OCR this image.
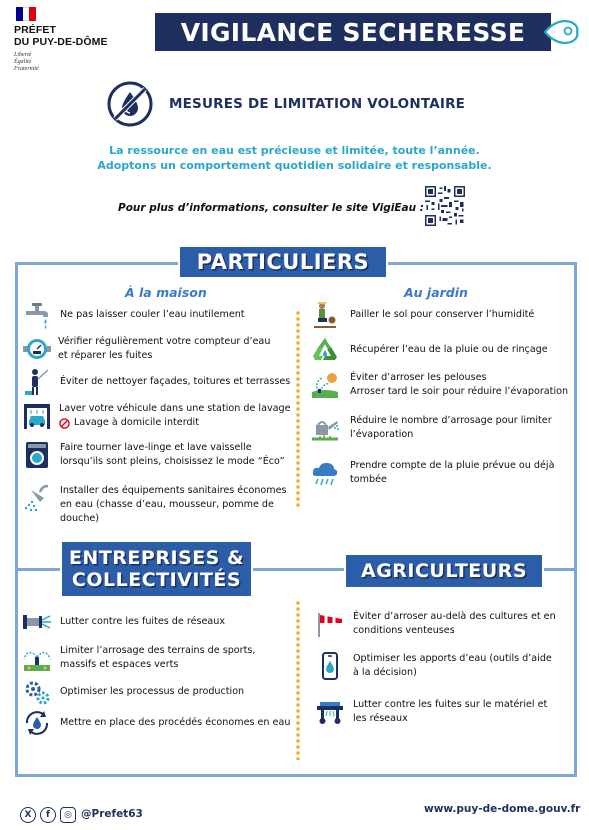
PRÉFET
DU PUY-DE-DÔME
Liberté
Égalité
Fraternité
VIGILANCE SECHERESSE
MESURES DE LIMITATION VOLONTAIRE
La ressource en eau est précieuse et limitée, toute l’année.
Adoptons un comportement quotidien solidaire et responsable.
Pour plus d’informations, consulter le site VigiEau :
PARTICULIERS
À la maison	Au jardin
Ne pas laisser couler l’eau inutilement
Vérifier régulièrement votre compteur d’eau
et réparer les fuites
Éviter de nettoyer façades, toitures et terrasses
Laver votre véhicule dans une station de lavage
Lavage à domicile interdit
Faire tourner lave-linge et lave vaisselle
lorsqu’ils sont pleins, choisissez le mode “Éco”
Installer des équipements sanitaires économes
en eau (chasse d’eau, mousseur, pomme de
douche)
Pailler le sol pour conserver l’humidité
Récupérer l’eau de la pluie ou de rinçage
Éviter d’arroser les pelouses
Arroser tard le soir pour réduire l’évaporation
Réduire le nombre d’arrosage pour limiter
l’évaporation
Prendre compte de la pluie prévue ou déjà
tombée
ENTREPRISES &
COLLECTIVITÉS	AGRICULTEURS
Lutter contre les fuites de réseaux
Limiter l’arrosage des terrains de sports,
massifs et espaces verts
Optimiser les processus de production
Mettre en place des procédés économes en eau
Éviter d’arroser au-delà des cultures et en
conditions venteuses
Optimiser les apports d’eau (outils d’aide
à la décision)
Lutter contre les fuites sur le matériel et
les réseaux
X	f	◎ @Prefet63	www.puy-de-dome.gouv.fr
